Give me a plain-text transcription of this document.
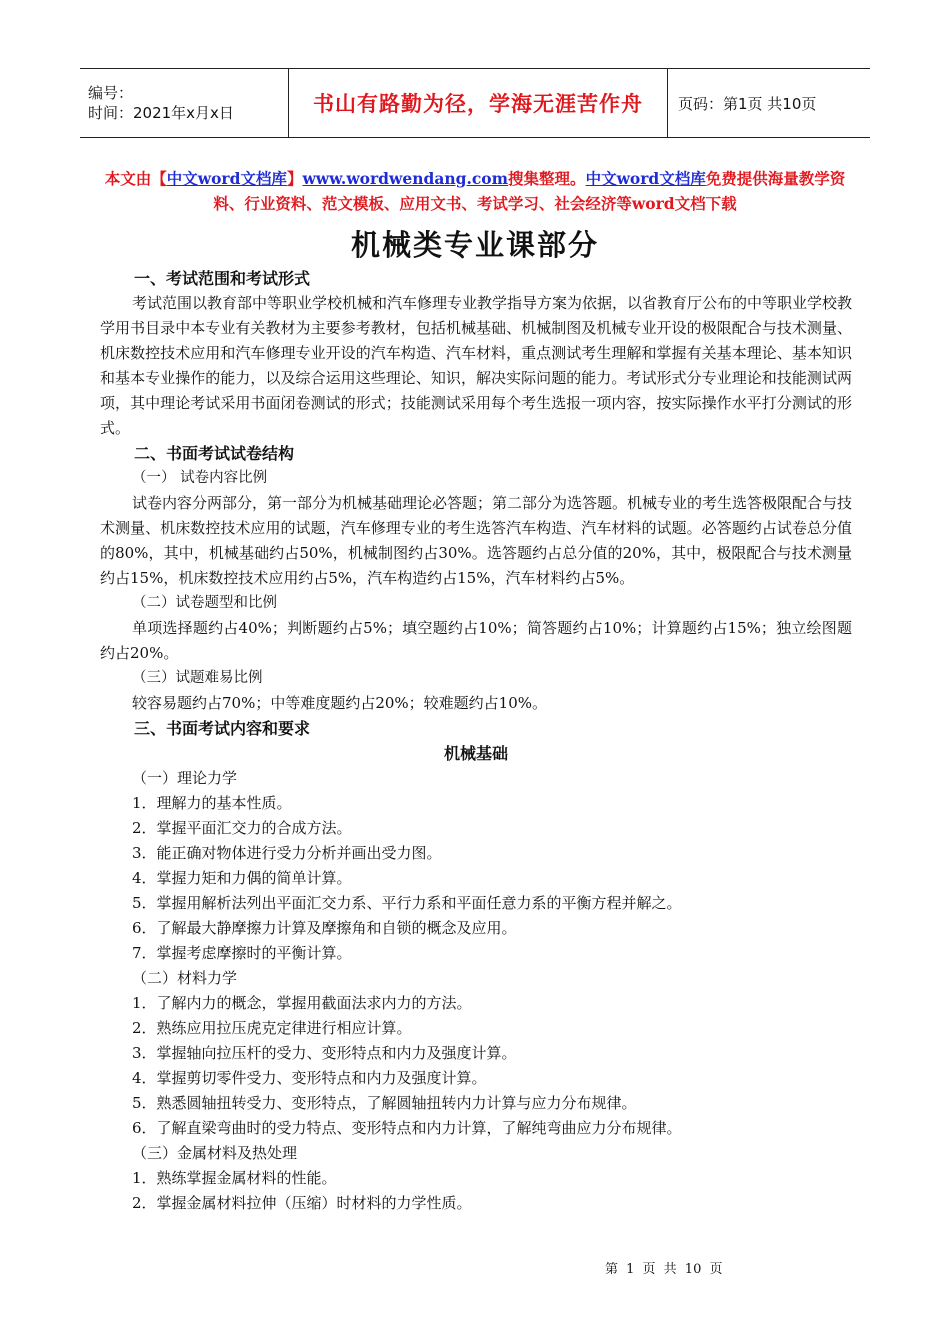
编号：
时间：2021年x月x日	书山有路勤为径，学海无涯苦作舟 页码：第1页 共10页
本文由【中文word文档库】www.wordwendang.com搜集整理。中文word文档库免费提供海量教学资料、行业资料、范文模板、应用文书、考试学习、社会经济等word文档下载
机械类专业课部分
一、考试范围和考试形式
考试范围以教育部中等职业学校机械和汽车修理专业教学指导方案为依据，以省教育厅公布的中等职业学校教学用书目录中本专业有关教材为主要参考教材，包括机械基础、机械制图及机械专业开设的极限配合与技术测量、机床数控技术应用和汽车修理专业开设的汽车构造、汽车材料，重点测试考生理解和掌握有关基本理论、基本知识和基本专业操作的能力，以及综合运用这些理论、知识，解决实际问题的能力。考试形式分专业理论和技能测试两项，其中理论考试采用书面闭卷测试的形式；技能测试采用每个考生选报一项内容，按实际操作水平打分测试的形式。
二、书面考试试卷结构
（一） 试卷内容比例
试卷内容分两部分，第一部分为机械基础理论必答题；第二部分为选答题。机械专业的考生选答极限配合与技术测量、机床数控技术应用的试题，汽车修理专业的考生选答汽车构造、汽车材料的试题。必答题约占试卷总分值的80%，其中，机械基础约占50%，机械制图约占30%。选答题约占总分值的20%，其中，极限配合与技术测量约占15%，机床数控技术应用约占5%，汽车构造约占15%，汽车材料约占5%。
（二）试卷题型和比例
单项选择题约占40%；判断题约占5%；填空题约占10%；简答题约占10%；计算题约占15%；独立绘图题约占20%。
（三）试题难易比例
较容易题约占70%；中等难度题约占20%；较难题约占10%。
三、书面考试内容和要求
机械基础
（一）理论力学
1．理解力的基本性质。
2．掌握平面汇交力的合成方法。
3．能正确对物体进行受力分析并画出受力图。
4．掌握力矩和力偶的简单计算。
5．掌握用解析法列出平面汇交力系、平行力系和平面任意力系的平衡方程并解之。
6．了解最大静摩擦力计算及摩擦角和自锁的概念及应用。
7．掌握考虑摩擦时的平衡计算。
（二）材料力学
1．了解内力的概念，掌握用截面法求内力的方法。
2．熟练应用拉压虎克定律进行相应计算。
3．掌握轴向拉压杆的受力、变形特点和内力及强度计算。
4．掌握剪切零件受力、变形特点和内力及强度计算。
5．熟悉圆轴扭转受力、变形特点，了解圆轴扭转内力计算与应力分布规律。
6．了解直梁弯曲时的受力特点、变形特点和内力计算，了解纯弯曲应力分布规律。
（三）金属材料及热处理
1．熟练掌握金属材料的性能。
2．掌握金属材料拉伸（压缩）时材料的力学性质。
第 1 页 共 10 页
